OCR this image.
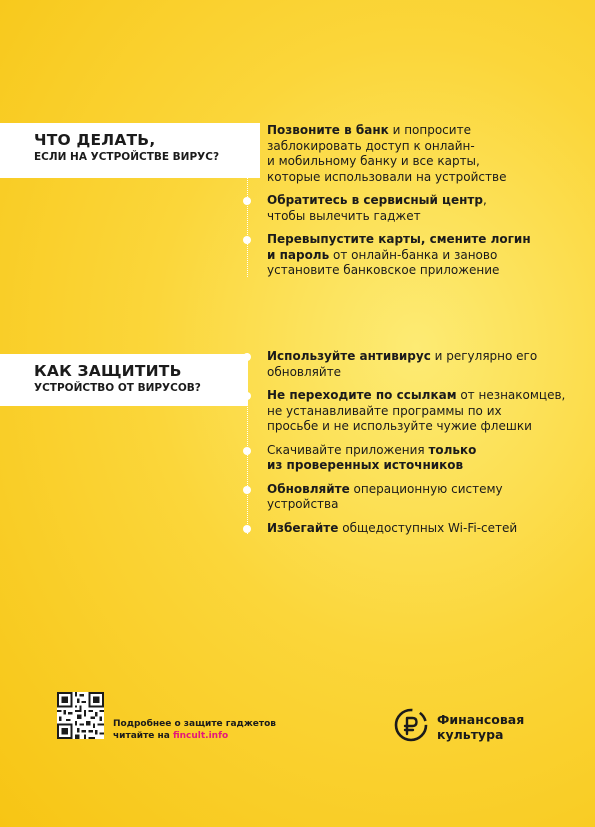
ЧТО ДЕЛАТЬ,
ЕСЛИ НА УСТРОЙСТВЕ ВИРУС?
Позвоните в банк и попросите
заблокировать доступ к онлайн-
и мобильному банку и все карты,
которые использовали на устройстве
Обратитесь в сервисный центр,
чтобы вылечить гаджет
Перевыпустите карты, смените логин
и пароль от онлайн-банка и заново
установите банковское приложение
КАК ЗАЩИТИТЬ
УСТРОЙСТВО ОТ ВИРУСОВ?
Используйте антивирус и регулярно его
обновляйте
Не переходите по ссылкам от незнакомцев,
не устанавливайте программы по их
просьбе и не используйте чужие флешки
Скачивайте приложения только
из проверенных источников
Обновляйте операционную систему
устройства
Избегайте общедоступных Wi-Fi-сетей
Подробнее о защите гаджетов
читайте на fincult.info
Финансовая
культура
